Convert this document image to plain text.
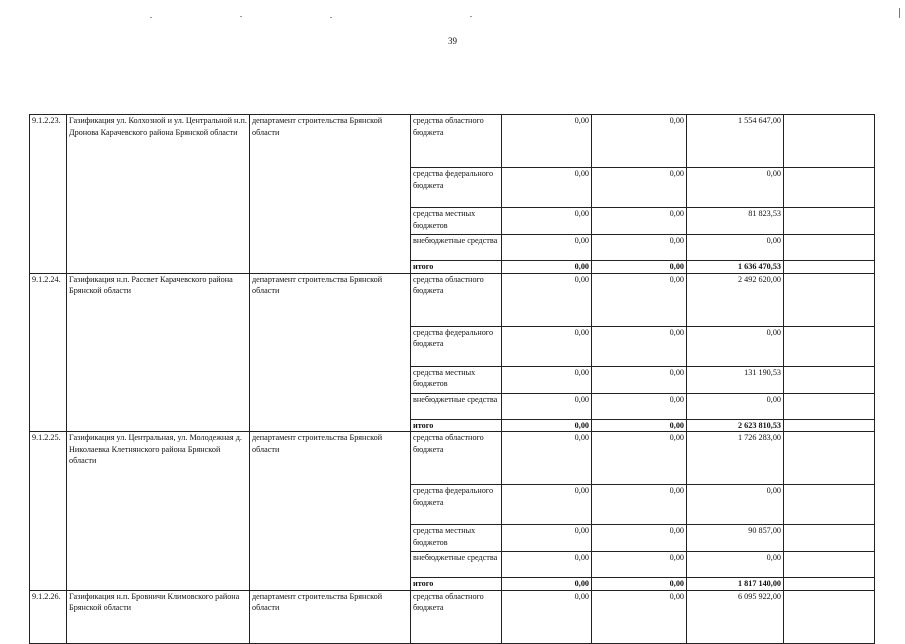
39
9.1.2.23.	Газификация ул. Колхозной и ул. Центральной н.п. Дронова Карачевского района Брянской области	департамент строительства Брянской области	средства областного бюджета	0,00	0,00	1 554 647,00	
			средства федерального бюджета	0,00	0,00	0,00	
			средства местных бюджетов	0,00	0,00	81 823,53	
			внебюджетные средства	0,00	0,00	0,00	
			итого	0,00	0,00	1 636 470,53	
9.1.2.24.	Газификация н.п. Рассвет Карачевского района Брянской области	департамент строительства Брянской области	средства областного бюджета	0,00	0,00	2 492 620,00	
			средства федерального бюджета	0,00	0,00	0,00	
			средства местных бюджетов	0,00	0,00	131 190,53	
			внебюджетные средства	0,00	0,00	0,00	
			итого	0,00	0,00	2 623 810,53	
9.1.2.25.	Газификация ул. Центральная, ул. Молодежная д. Николаевка Клетнянского района Брянской области	департамент строительства Брянской области	средства областного бюджета	0,00	0,00	1 726 283,00	
			средства федерального бюджета	0,00	0,00	0,00	
			средства местных бюджетов	0,00	0,00	90 857,00	
			внебюджетные средства	0,00	0,00	0,00	
			итого	0,00	0,00	1 817 140,00	
9.1.2.26.	Газификация н.п. Бровничи Климовского района Брянской области	департамент строительства Брянской области	средства областного бюджета	0,00	0,00	6 095 922,00	
